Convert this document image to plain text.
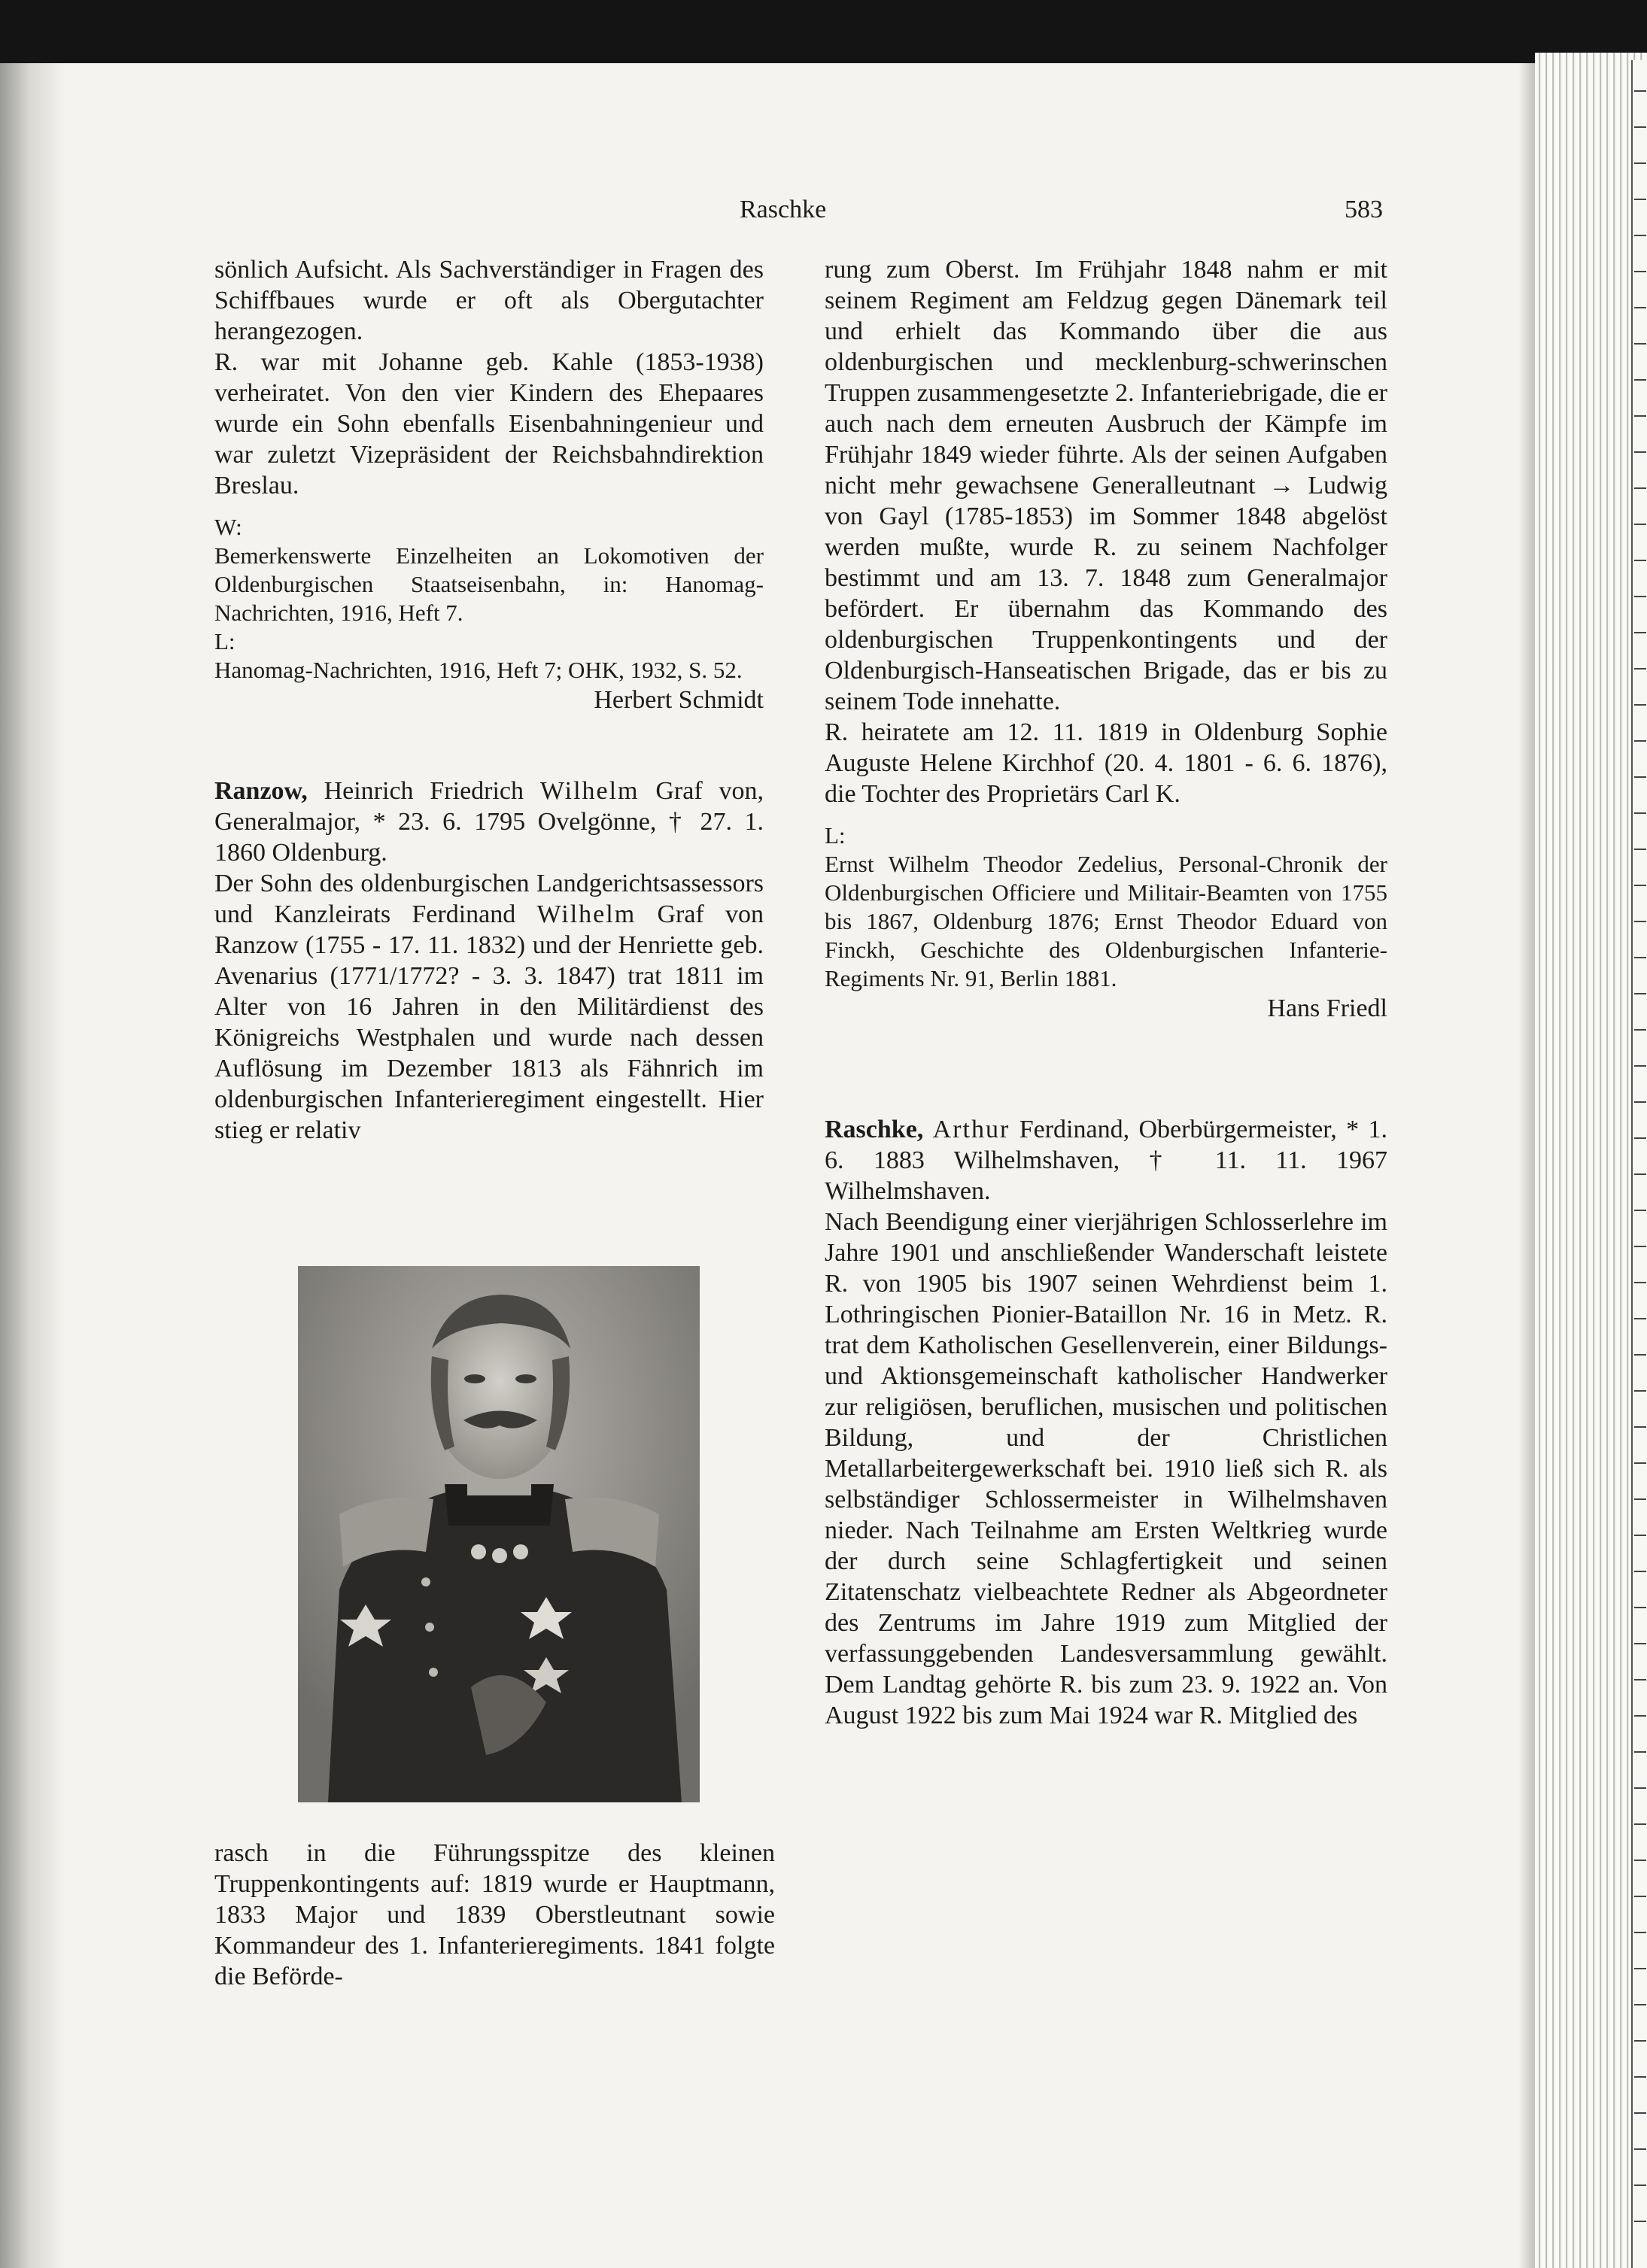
Raschke	583

sönlich Aufsicht. Als Sachverständiger in Fragen des Schiffbaues wurde er oft als Obergutachter herangezogen.

R. war mit Johanne geb. Kahle (1853-1938) verheiratet. Von den vier Kindern des Ehepaares wurde ein Sohn ebenfalls Eisenbahningenieur und war zuletzt Vizepräsident der Reichsbahndirektion Breslau.

W:

Bemerkenswerte Einzelheiten an Lokomotiven der Oldenburgischen Staatseisenbahn, in: Hanomag-Nachrichten, 1916, Heft 7.

L:

Hanomag-Nachrichten, 1916, Heft 7; OHK, 1932, S. 52.

Herbert Schmidt

Ranzow, Heinrich Friedrich Wilhelm Graf von, Generalmajor, * 23. 6. 1795 Ovelgönne, † 27. 1. 1860 Oldenburg.

Der Sohn des oldenburgischen Landgerichtsassessors und Kanzleirats Ferdinand Wilhelm Graf von Ranzow (1755 - 17. 11. 1832) und der Henriette geb. Avenarius (1771/1772? - 3. 3. 1847) trat 1811 im Alter von 16 Jahren in den Militärdienst des Königreichs Westphalen und wurde nach dessen Auflösung im Dezember 1813 als Fähnrich im oldenburgischen Infanterieregiment eingestellt. Hier stieg er relativ

rasch in die Führungsspitze des kleinen Truppenkontingents auf: 1819 wurde er Hauptmann, 1833 Major und 1839 Oberstleutnant sowie Kommandeur des 1. Infanterieregiments. 1841 folgte die Beförde-

rung zum Oberst. Im Frühjahr 1848 nahm er mit seinem Regiment am Feldzug gegen Dänemark teil und erhielt das Kommando über die aus oldenburgischen und mecklenburg-schwerinschen Truppen zusammengesetzte 2. Infanteriebrigade, die er auch nach dem erneuten Ausbruch der Kämpfe im Frühjahr 1849 wieder führte. Als der seinen Aufgaben nicht mehr gewachsene Generalleutnant → Ludwig von Gayl (1785-1853) im Sommer 1848 abgelöst werden mußte, wurde R. zu seinem Nachfolger bestimmt und am 13. 7. 1848 zum Generalmajor befördert. Er übernahm das Kommando des oldenburgischen Truppenkontingents und der Oldenburgisch-Hanseatischen Brigade, das er bis zu seinem Tode innehatte.

R. heiratete am 12. 11. 1819 in Oldenburg Sophie Auguste Helene Kirchhof (20. 4. 1801 - 6. 6. 1876), die Tochter des Proprietärs Carl K.

L:

Ernst Wilhelm Theodor Zedelius, Personal-Chronik der Oldenburgischen Officiere und Militair-Beamten von 1755 bis 1867, Oldenburg 1876; Ernst Theodor Eduard von Finckh, Geschichte des Oldenburgischen Infanterie-Regiments Nr. 91, Berlin 1881.

Hans Friedl

Raschke, Arthur Ferdinand, Oberbürgermeister, * 1. 6. 1883 Wilhelmshaven, † 11. 11. 1967 Wilhelmshaven.

Nach Beendigung einer vierjährigen Schlosserlehre im Jahre 1901 und anschließender Wanderschaft leistete R. von 1905 bis 1907 seinen Wehrdienst beim 1. Lothringischen Pionier-Bataillon Nr. 16 in Metz. R. trat dem Katholischen Gesellenverein, einer Bildungs- und Aktionsgemeinschaft katholischer Handwerker zur religiösen, beruflichen, musischen und politischen Bildung, und der Christlichen Metallarbeitergewerkschaft bei. 1910 ließ sich R. als selbständiger Schlossermeister in Wilhelmshaven nieder. Nach Teilnahme am Ersten Weltkrieg wurde der durch seine Schlagfertigkeit und seinen Zitatenschatz vielbeachtete Redner als Abgeordneter des Zentrums im Jahre 1919 zum Mitglied der verfassunggebenden Landesversammlung gewählt. Dem Landtag gehörte R. bis zum 23. 9. 1922 an. Von August 1922 bis zum Mai 1924 war R. Mitglied des
